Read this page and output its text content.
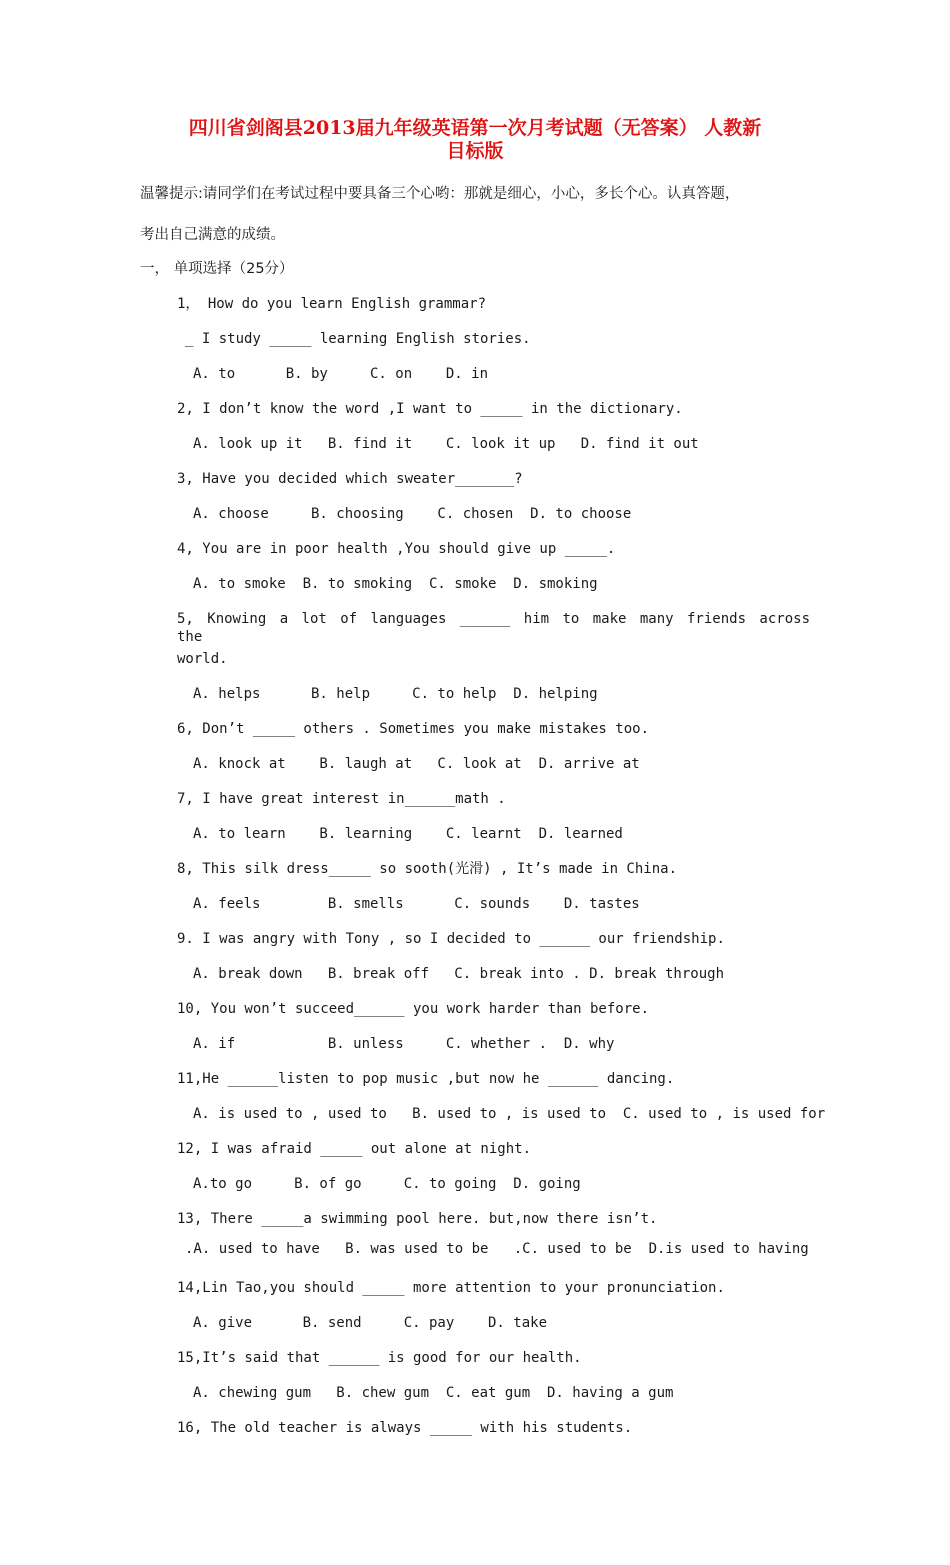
四川省剑阁县2013届九年级英语第一次月考试题（无答案） 人教新
目标版
温馨提示:请同学们在考试过程中要具备三个心哟：那就是细心，小心，多长个心。认真答题，
考出自己满意的成绩。
一， 单项选择（25分）
1， How do you learn English grammar?
_ I study _____ learning English stories.
A. to      B. by     C. on    D. in
2, I don’t know the word ,I want to _____ in the dictionary.
A. look up it   B. find it    C. look it up   D. find it out
3, Have you decided which sweater_______?
A. choose     B. choosing    C. chosen  D. to choose
4, You are in poor health ,You should give up _____.
A. to smoke  B. to smoking  C. smoke  D. smoking
5, Knowing a lot of languages ______ him to make many friends across the
world.
A. helps      B. help     C. to help  D. helping
6, Don’t _____ others . Sometimes you make mistakes too.
A. knock at    B. laugh at   C. look at  D. arrive at
7, I have great interest in______math .
A. to learn    B. learning    C. learnt  D. learned
8, This silk dress_____ so sooth(光滑) , It’s made in China.
A. feels        B. smells      C. sounds    D. tastes
9. I was angry with Tony , so I decided to ______ our friendship.
A. break down   B. break off   C. break into . D. break through
10, You won’t succeed______ you work harder than before.
A. if           B. unless     C. whether .  D. why
11,He ______listen to pop music ,but now he ______ dancing.
A. is used to , used to   B. used to , is used to  C. used to , is used for
12, I was afraid _____ out alone at night.
A.to go     B. of go     C. to going  D. going
13, There _____a swimming pool here. but,now there isn’t.
.A. used to have   B. was used to be   .C. used to be  D.is used to having
14,Lin Tao,you should _____ more attention to your pronunciation.
A. give      B. send     C. pay    D. take
15,It’s said that ______ is good for our health.
A. chewing gum   B. chew gum  C. eat gum  D. having a gum
16, The old teacher is always _____ with his students.
